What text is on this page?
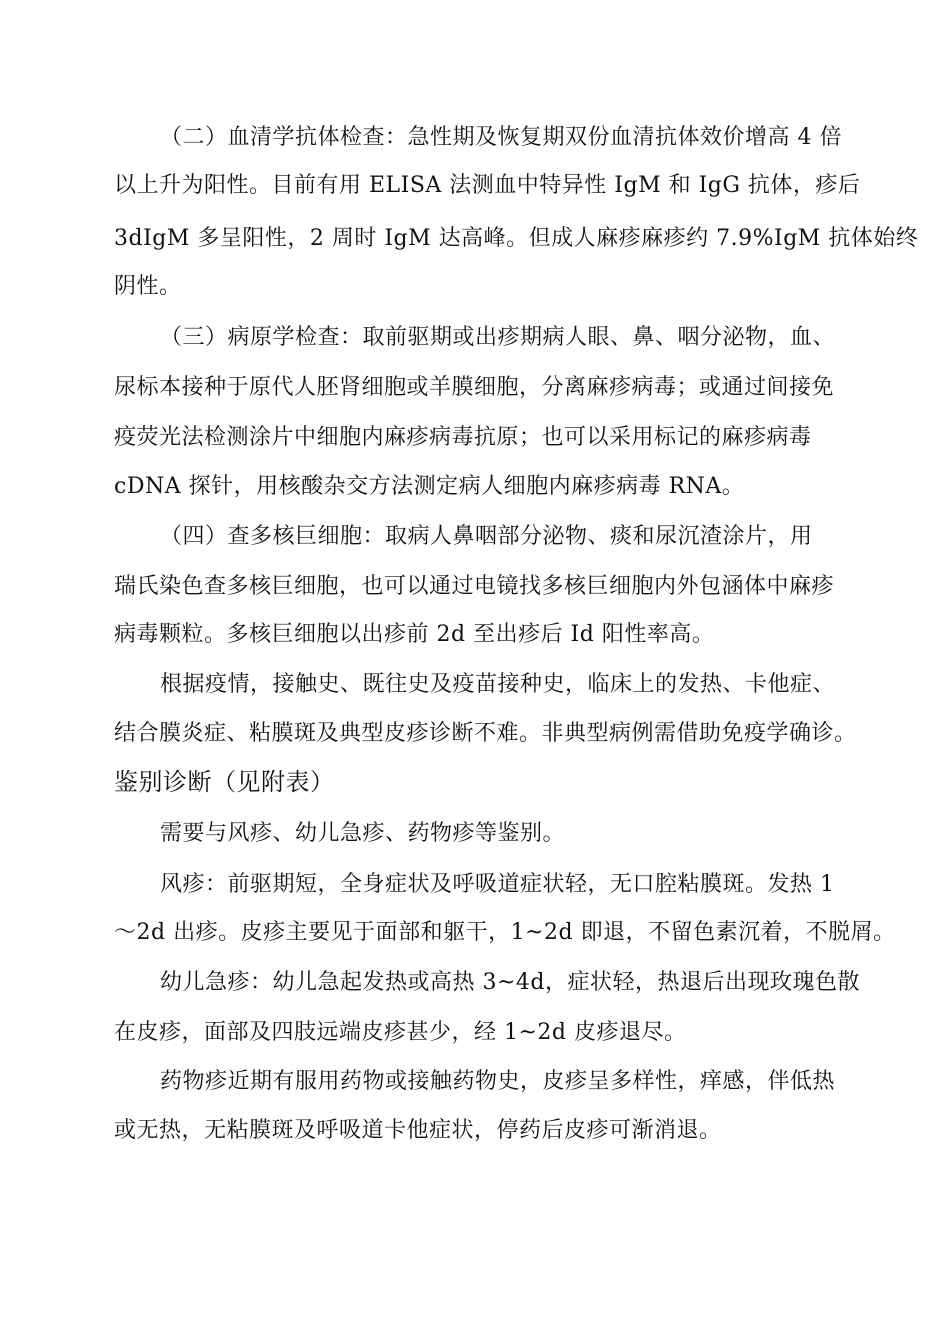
（二）血清学抗体检查：急性期及恢复期双份血清抗体效价增高 4 倍
以上升为阳性。目前有用 ELISA 法测血中特异性 IgM 和 IgG 抗体，疹后
3dIgM 多呈阳性，2 周时 IgM 达高峰。但成人麻疹麻疹约 7.9%IgM 抗体始终
阴性。
（三）病原学检查：取前驱期或出疹期病人眼、鼻、咽分泌物，血、
尿标本接种于原代人胚肾细胞或羊膜细胞，分离麻疹病毒；或通过间接免
疫荧光法检测涂片中细胞内麻疹病毒抗原；也可以采用标记的麻疹病毒
cDNA 探针，用核酸杂交方法测定病人细胞内麻疹病毒 RNA。
（四）查多核巨细胞：取病人鼻咽部分泌物、痰和尿沉渣涂片，用
瑞氏染色查多核巨细胞，也可以通过电镜找多核巨细胞内外包涵体中麻疹
病毒颗粒。多核巨细胞以出疹前 2d 至出疹后 Id 阳性率高。
根据疫情，接触史、既往史及疫苗接种史，临床上的发热、卡他症、
结合膜炎症、粘膜斑及典型皮疹诊断不难。非典型病例需借助免疫学确诊。
鉴别诊断（见附表）
需要与风疹、幼儿急疹、药物疹等鉴别。
风疹：前驱期短，全身症状及呼吸道症状轻，无口腔粘膜斑。发热 1
〜2d 出疹。皮疹主要见于面部和躯干，1~2d 即退，不留色素沉着，不脱屑。
幼儿急疹：幼儿急起发热或高热 3~4d，症状轻，热退后出现玫瑰色散
在皮疹，面部及四肢远端皮疹甚少，经 1~2d 皮疹退尽。
药物疹近期有服用药物或接触药物史，皮疹呈多样性，痒感，伴低热
或无热，无粘膜斑及呼吸道卡他症状，停药后皮疹可渐消退。
